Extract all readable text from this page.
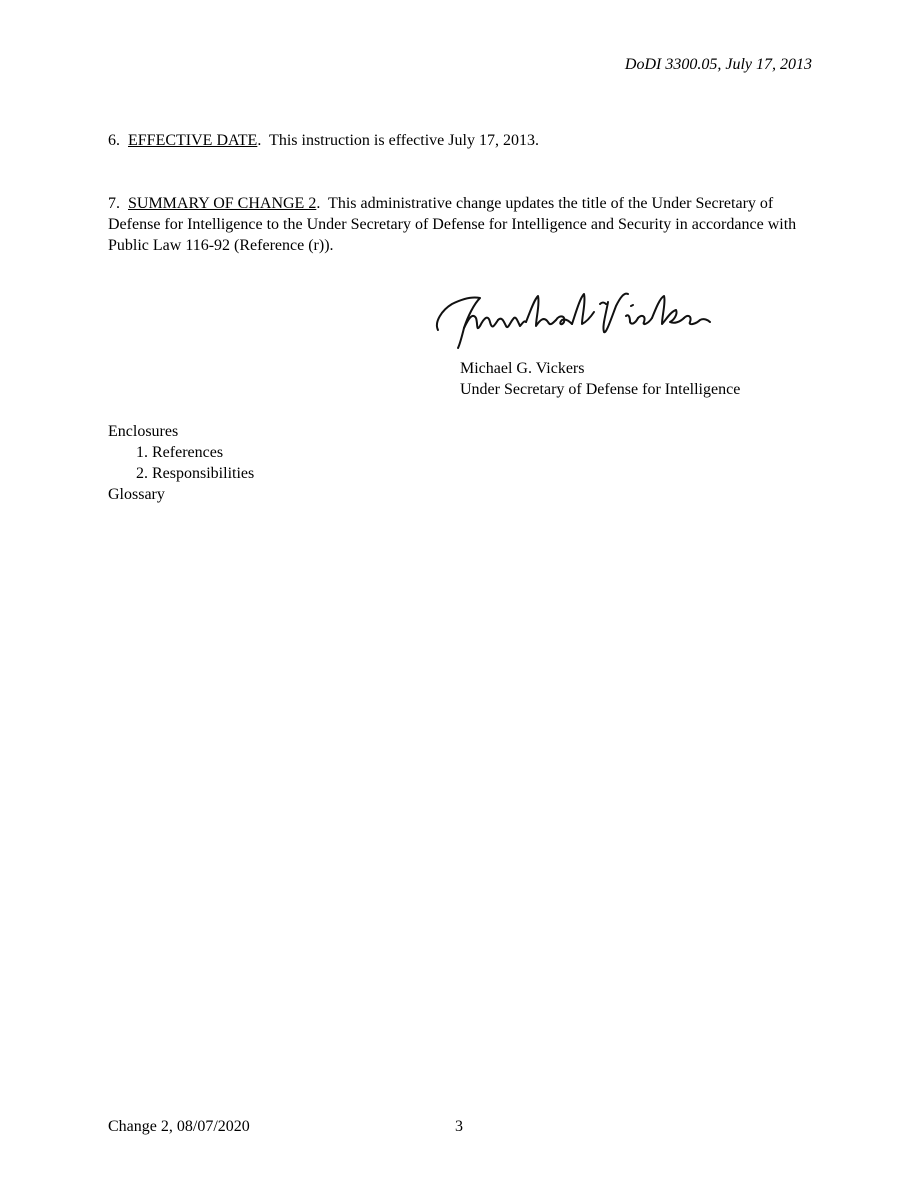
DoDI 3300.05, July 17, 2013
6. EFFECTIVE DATE. This instruction is effective July 17, 2013.
7. SUMMARY OF CHANGE 2. This administrative change updates the title of the Under Secretary of Defense for Intelligence to the Under Secretary of Defense for Intelligence and Security in accordance with Public Law 116-92 (Reference (r)).
Michael G. Vickers
Under Secretary of Defense for Intelligence
Enclosures
1. References
2. Responsibilities
Glossary
Change 2, 08/07/2020	3
